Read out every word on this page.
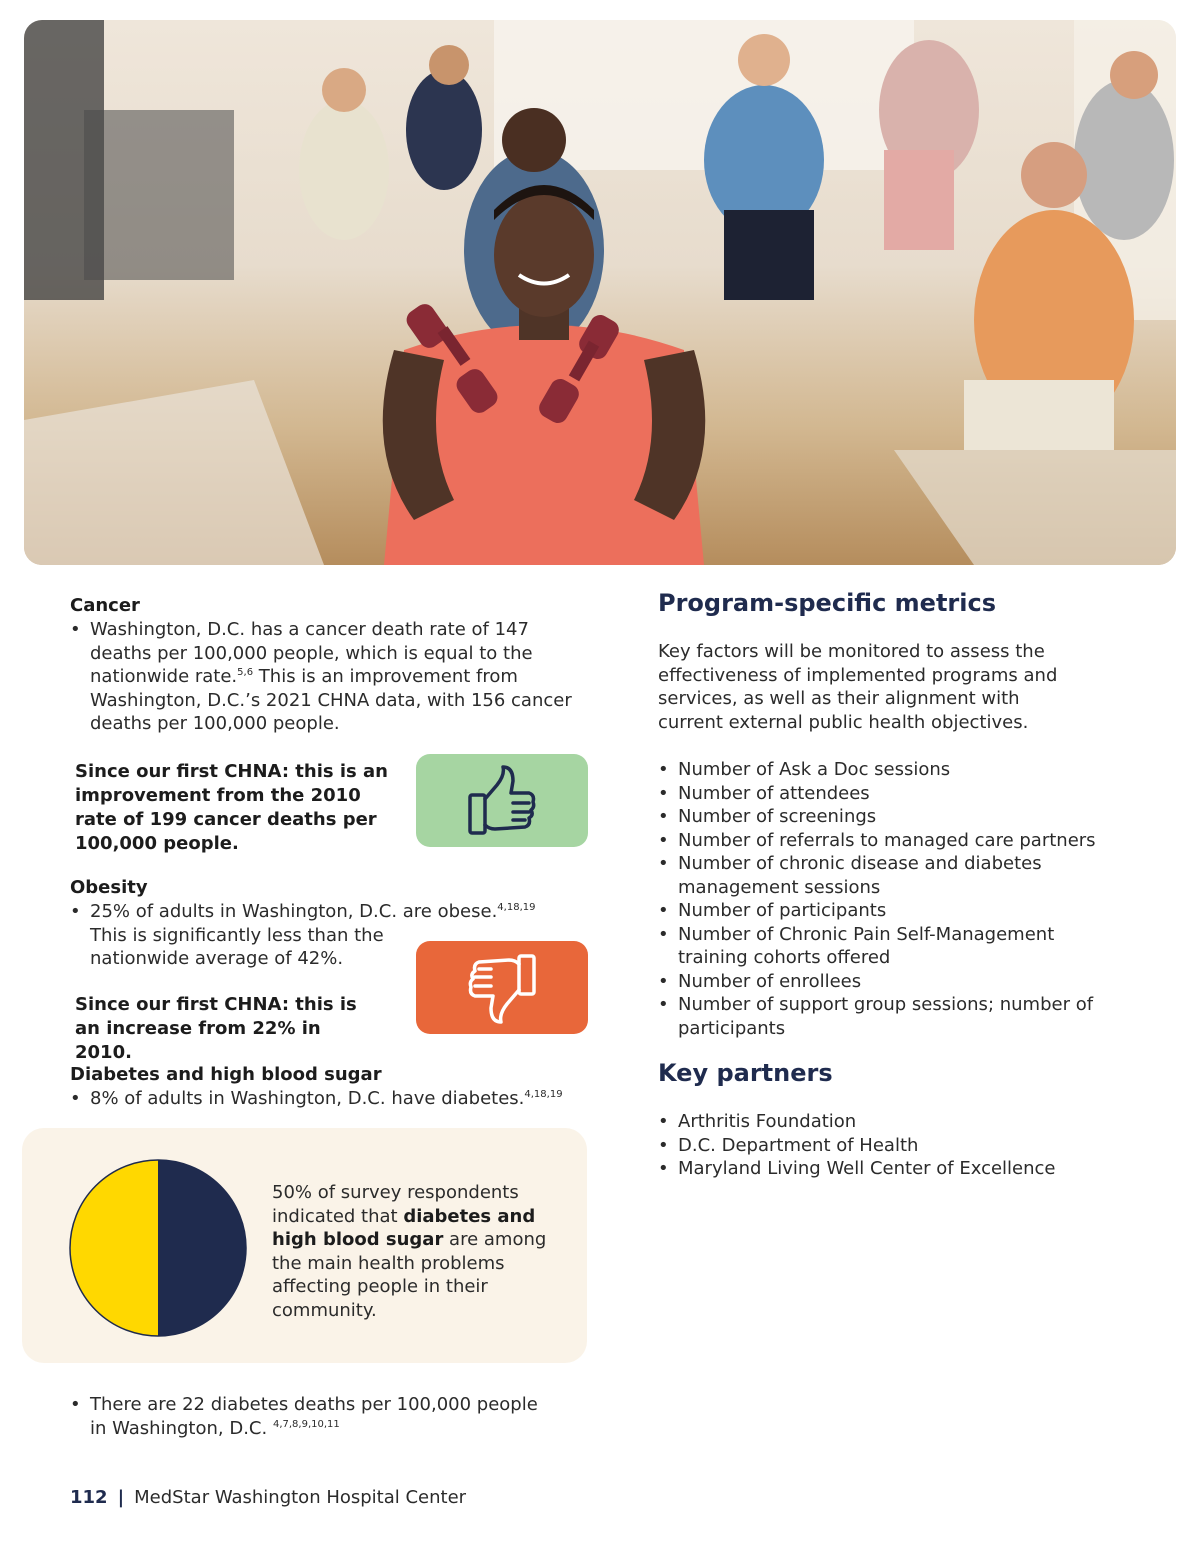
Cancer

• Washington, D.C. has a cancer death rate of 147 deaths per 100,000 people, which is equal to the nationwide rate.$^{5,6}$ This is an improvement from Washington, D.C.’s 2021 CHNA data, with 156 cancer deaths per 100,000 people.
Since our first CHNA: this is an improvement from the 2010 rate of 199 cancer deaths per 100,000 people.

Obesity

• 25% of adults in Washington, D.C. are obese.$^{4,18,19}$

This is significantly less than the nationwide average of 42%.

Since our first CHNA: this is an increase from 22% in 2010.

Diabetes and high blood sugar

• 8% of adults in Washington, D.C. have diabetes.$^{4,18,19}$
50% of survey respondents indicated that diabetes and high blood sugar are among the main health problems affecting people in their community.
• There are 22 diabetes deaths per 100,000 people in Washington, D.C. $^{4,7,8,9,10,11}$
Program-specific metrics

Key factors will be monitored to assess the effectiveness of implemented programs and services, as well as their alignment with current external public health objectives.

• Number of Ask a Doc sessions
• Number of attendees
• Number of screenings
• Number of referrals to managed care partners
• Number of chronic disease and diabetes management sessions
• Number of participants
• Number of Chronic Pain Self-Management training cohorts offered
• Number of enrollees
• Number of support group sessions; number of participants
Key partners
• Arthritis Foundation
• D.C. Department of Health
• Maryland Living Well Center of Excellence
112 | MedStar Washington Hospital Center
